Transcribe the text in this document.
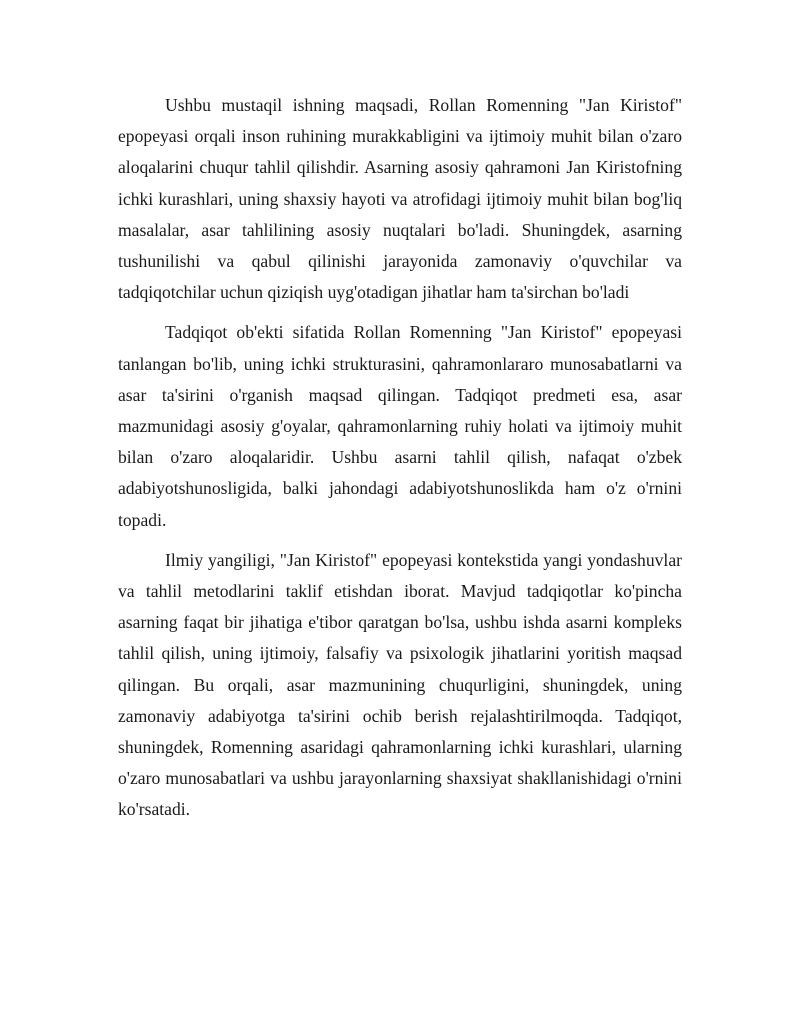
Ushbu mustaqil ishning maqsadi, Rollan Romenning "Jan Kiristof" epopeyasi orqali inson ruhining murakkabligini va ijtimoiy muhit bilan o'zaro aloqalarini chuqur tahlil qilishdir. Asarning asosiy qahramoni Jan Kiristofning ichki kurashlari, uning shaxsiy hayoti va atrofidagi ijtimoiy muhit bilan bog'liq masalalar, asar tahlilining asosiy nuqtalari bo'ladi. Shuningdek, asarning tushunilishi va qabul qilinishi jarayonida zamonaviy o'quvchilar va tadqiqotchilar uchun qiziqish uyg'otadigan jihatlar ham ta'sirchan bo'ladi

Tadqiqot ob'ekti sifatida Rollan Romenning "Jan Kiristof" epopeyasi tanlangan bo'lib, uning ichki strukturasini, qahramonlararo munosabatlarni va asar ta'sirini o'rganish maqsad qilingan. Tadqiqot predmeti esa, asar mazmunidagi asosiy g'oyalar, qahramonlarning ruhiy holati va ijtimoiy muhit bilan o'zaro aloqalaridir. Ushbu asarni tahlil qilish, nafaqat o'zbek adabiyotshunosligida, balki jahondagi adabiyotshunoslikda ham o'z o'rnini topadi.

Ilmiy yangiligi, "Jan Kiristof" epopeyasi kontekstida yangi yondashuvlar va tahlil metodlarini taklif etishdan iborat. Mavjud tadqiqotlar ko'pincha asarning faqat bir jihatiga e'tibor qaratgan bo'lsa, ushbu ishda asarni kompleks tahlil qilish, uning ijtimoiy, falsafiy va psixologik jihatlarini yoritish maqsad qilingan. Bu orqali, asar mazmunining chuqurligini, shuningdek, uning zamonaviy adabiyotga ta'sirini ochib berish rejalashtirilmoqda. Tadqiqot, shuningdek, Romenning asaridagi qahramonlarning ichki kurashlari, ularning o'zaro munosabatlari va ushbu jarayonlarning shaxsiyat shakllanishidagi o'rnini ko'rsatadi.
